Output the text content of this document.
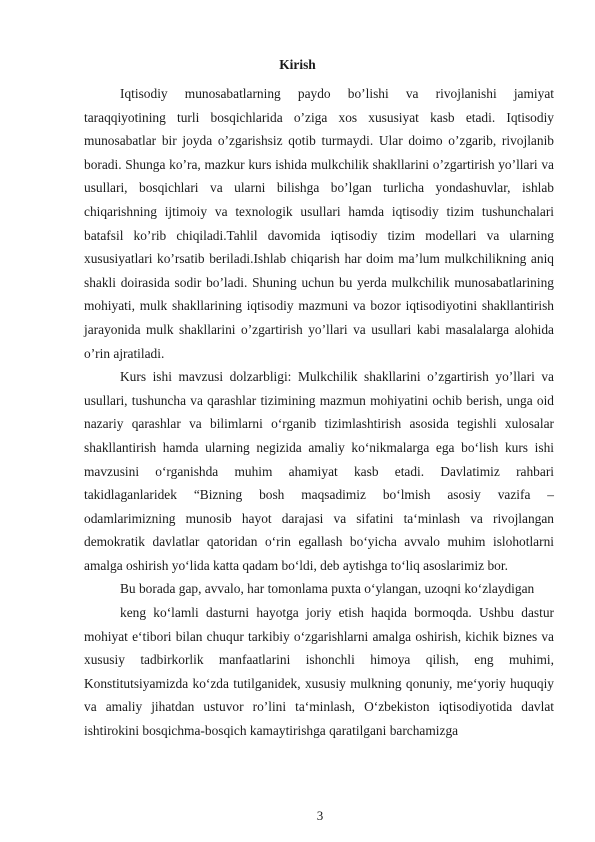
Kirish

Iqtisodiy munosabatlarning paydo bo’lishi va rivojlanishi jamiyat taraqqiyotining turli bosqichlarida o’ziga xos xususiyat kasb etadi. Iqtisodiy munosabatlar bir joyda o’zgarishsiz qotib turmaydi. Ular doimo o’zgarib, rivojlanib boradi. Shunga ko’ra, mazkur kurs ishida mulkchilik shakllarini o’zgartirish yo’llari va usullari, bosqichlari va ularni bilishga bo’lgan turlicha yondashuvlar, ishlab chiqarishning ijtimoiy va texnologik usullari hamda iqtisodiy tizim tushunchalari batafsil ko’rib chiqiladi.Tahlil davomida iqtisodiy tizim modellari va ularning xususiyatlari ko’rsatib beriladi.Ishlab chiqarish har doim ma’lum mulkchilikning aniq shakli doirasida sodir bo’ladi. Shuning uchun bu yerda mulkchilik munosabatlarining mohiyati, mulk shakllarining iqtisodiy mazmuni va bozor iqtisodiyotini shakllantirish jarayonida mulk shakllarini o’zgartirish yo’llari va usullari kabi masalalarga alohida o’rin ajratiladi.

Kurs ishi mavzusi dolzarbligi: Mulkchilik shakllarini o’zgartirish yo’llari va usullari, tushuncha va qarashlar tizimining mazmun mohiyatini ochib berish, unga oid nazariy qarashlar va bilimlarni o‘rganib tizimlashtirish asosida tegishli xulosalar shakllantirish hamda ularning negizida amaliy ko‘nikmalarga ega bo‘lish kurs ishi mavzusini o‘rganishda muhim ahamiyat kasb etadi. Davlatimiz rahbari takidlaganlaridek “Bizning bosh maqsadimiz bo‘lmish asosiy vazifa – odamlarimizning munosib hayot darajasi va sifatini ta‘minlash va rivojlangan demokratik davlatlar qatoridan o‘rin egallash bo‘yicha avvalo muhim islohotlarni amalga oshirish yo‘lida katta qadam bo‘ldi, deb aytishga to‘liq asoslarimiz bor.

Bu borada gap, avvalo, har tomonlama puxta o‘ylangan, uzoqni ko‘zlaydigan

keng ko‘lamli dasturni hayotga joriy etish haqida bormoqda. Ushbu dastur mohiyat e‘tibori bilan chuqur tarkibiy o‘zgarishlarni amalga oshirish, kichik biznes va xususiy tadbirkorlik manfaatlarini ishonchli himoya qilish, eng muhimi, Konstitutsiyamizda ko‘zda tutilganidek, xususiy mulkning qonuniy, me‘yoriy huquqiy va amaliy jihatdan ustuvor ro’lini ta‘minlash, O‘zbekiston iqtisodiyotida davlat ishtirokini bosqichma-bosqich kamaytirishga qaratilgani barchamizga

3
